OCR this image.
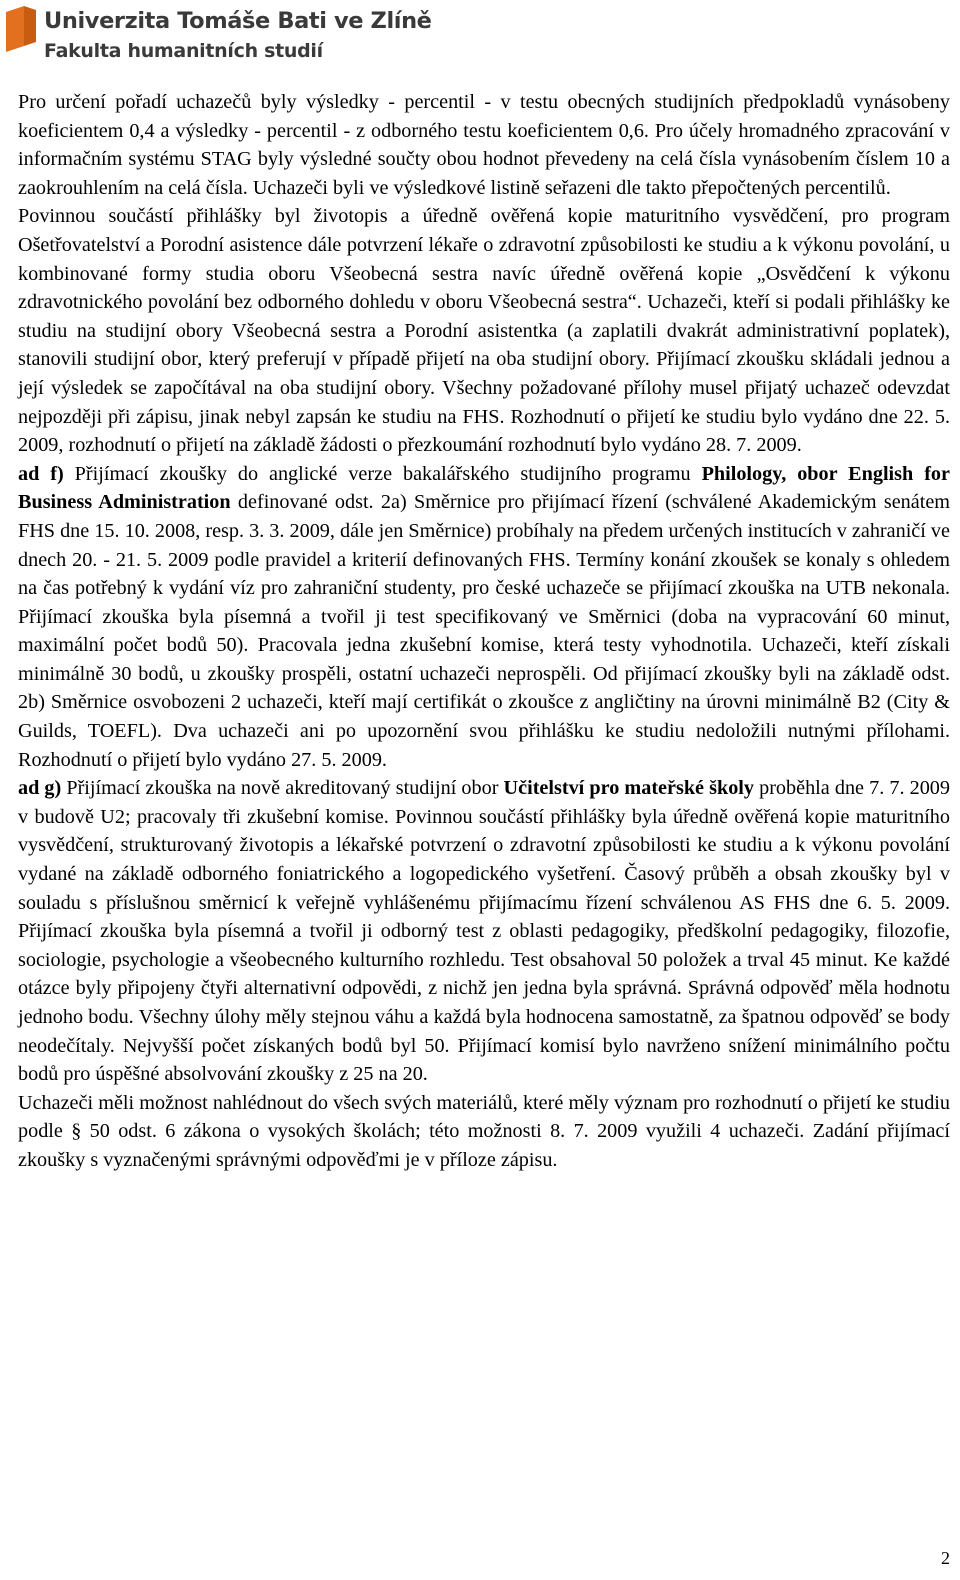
Univerzita Tomáše Bati ve Zlíně
Fakulta humanitních studií

Pro určení pořadí uchazečů byly výsledky - percentil - v testu obecných studijních předpokladů vynásobeny koeficientem 0,4 a výsledky - percentil - z odborného testu koeficientem 0,6. Pro účely hromadného zpracování v informačním systému STAG byly výsledné součty obou hodnot převedeny na celá čísla vynásobením číslem 10 a zaokrouhlením na celá čísla. Uchazeči byli ve výsledkové listině seřazeni dle takto přepočtených percentilů.

Povinnou součástí přihlášky byl životopis a úředně ověřená kopie maturitního vysvědčení, pro program Ošetřovatelství a Porodní asistence dále potvrzení lékaře o zdravotní způsobilosti ke studiu a k výkonu povolání, u kombinované formy studia oboru Všeobecná sestra navíc úředně ověřená kopie „Osvědčení k výkonu zdravotnického povolání bez odborného dohledu v oboru Všeobecná sestra“. Uchazeči, kteří si podali přihlášky ke studiu na studijní obory Všeobecná sestra a Porodní asistentka (a zaplatili dvakrát administrativní poplatek), stanovili studijní obor, který preferují v případě přijetí na oba studijní obory. Přijímací zkoušku skládali jednou a její výsledek se započítával na oba studijní obory. Všechny požadované přílohy musel přijatý uchazeč odevzdat nejpozději při zápisu, jinak nebyl zapsán ke studiu na FHS. Rozhodnutí o přijetí ke studiu bylo vydáno dne 22. 5. 2009, rozhodnutí o přijetí na základě žádosti o přezkoumání rozhodnutí bylo vydáno 28. 7. 2009.

ad f) Přijímací zkoušky do anglické verze bakalářského studijního programu Philology, obor English for Business Administration definované odst. 2a) Směrnice pro přijímací řízení (schválené Akademickým senátem FHS dne 15. 10. 2008, resp. 3. 3. 2009, dále jen Směrnice) probíhaly na předem určených institucích v zahraničí ve dnech 20. - 21. 5. 2009 podle pravidel a kriterií definovaných FHS. Termíny konání zkoušek se konaly s ohledem na čas potřebný k vydání víz pro zahraniční studenty, pro české uchazeče se přijímací zkouška na UTB nekonala. Přijímací zkouška byla písemná a tvořil ji test specifikovaný ve Směrnici (doba na vypracování 60 minut, maximální počet bodů 50). Pracovala jedna zkušební komise, která testy vyhodnotila. Uchazeči, kteří získali minimálně 30 bodů, u zkoušky prospěli, ostatní uchazeči neprospěli. Od přijímací zkoušky byli na základě odst. 2b) Směrnice osvobozeni 2 uchazeči, kteří mají certifikát o zkoušce z angličtiny na úrovni minimálně B2 (City & Guilds, TOEFL). Dva uchazeči ani po upozornění svou přihlášku ke studiu nedoložili nutnými přílohami. Rozhodnutí o přijetí bylo vydáno 27. 5. 2009.

ad g) Přijímací zkouška na nově akreditovaný studijní obor Učitelství pro mateřské školy proběhla dne 7. 7. 2009 v budově U2; pracovaly tři zkušební komise. Povinnou součástí přihlášky byla úředně ověřená kopie maturitního vysvědčení, strukturovaný životopis a lékařské potvrzení o zdravotní způsobilosti ke studiu a k výkonu povolání vydané na základě odborného foniatrického a logopedického vyšetření. Časový průběh a obsah zkoušky byl v souladu s příslušnou směrnicí k veřejně vyhlášenému přijímacímu řízení schválenou AS FHS dne 6. 5. 2009. Přijímací zkouška byla písemná a tvořil ji odborný test z oblasti pedagogiky, předškolní pedagogiky, filozofie, sociologie, psychologie a všeobecného kulturního rozhledu. Test obsahoval 50 položek a trval 45 minut. Ke každé otázce byly připojeny čtyři alternativní odpovědi, z nichž jen jedna byla správná. Správná odpověď měla hodnotu jednoho bodu. Všechny úlohy měly stejnou váhu a každá byla hodnocena samostatně, za špatnou odpověď se body neodečítaly. Nejvyšší počet získaných bodů byl 50. Přijímací komisí bylo navrženo snížení minimálního počtu bodů pro úspěšné absolvování zkoušky z 25 na 20.

Uchazeči měli možnost nahlédnout do všech svých materiálů, které měly význam pro rozhodnutí o přijetí ke studiu podle § 50 odst. 6 zákona o vysokých školách; této možnosti 8. 7. 2009 využili 4 uchazeči. Zadání přijímací zkoušky s vyznačenými správnými odpověďmi je v příloze zápisu.

2
